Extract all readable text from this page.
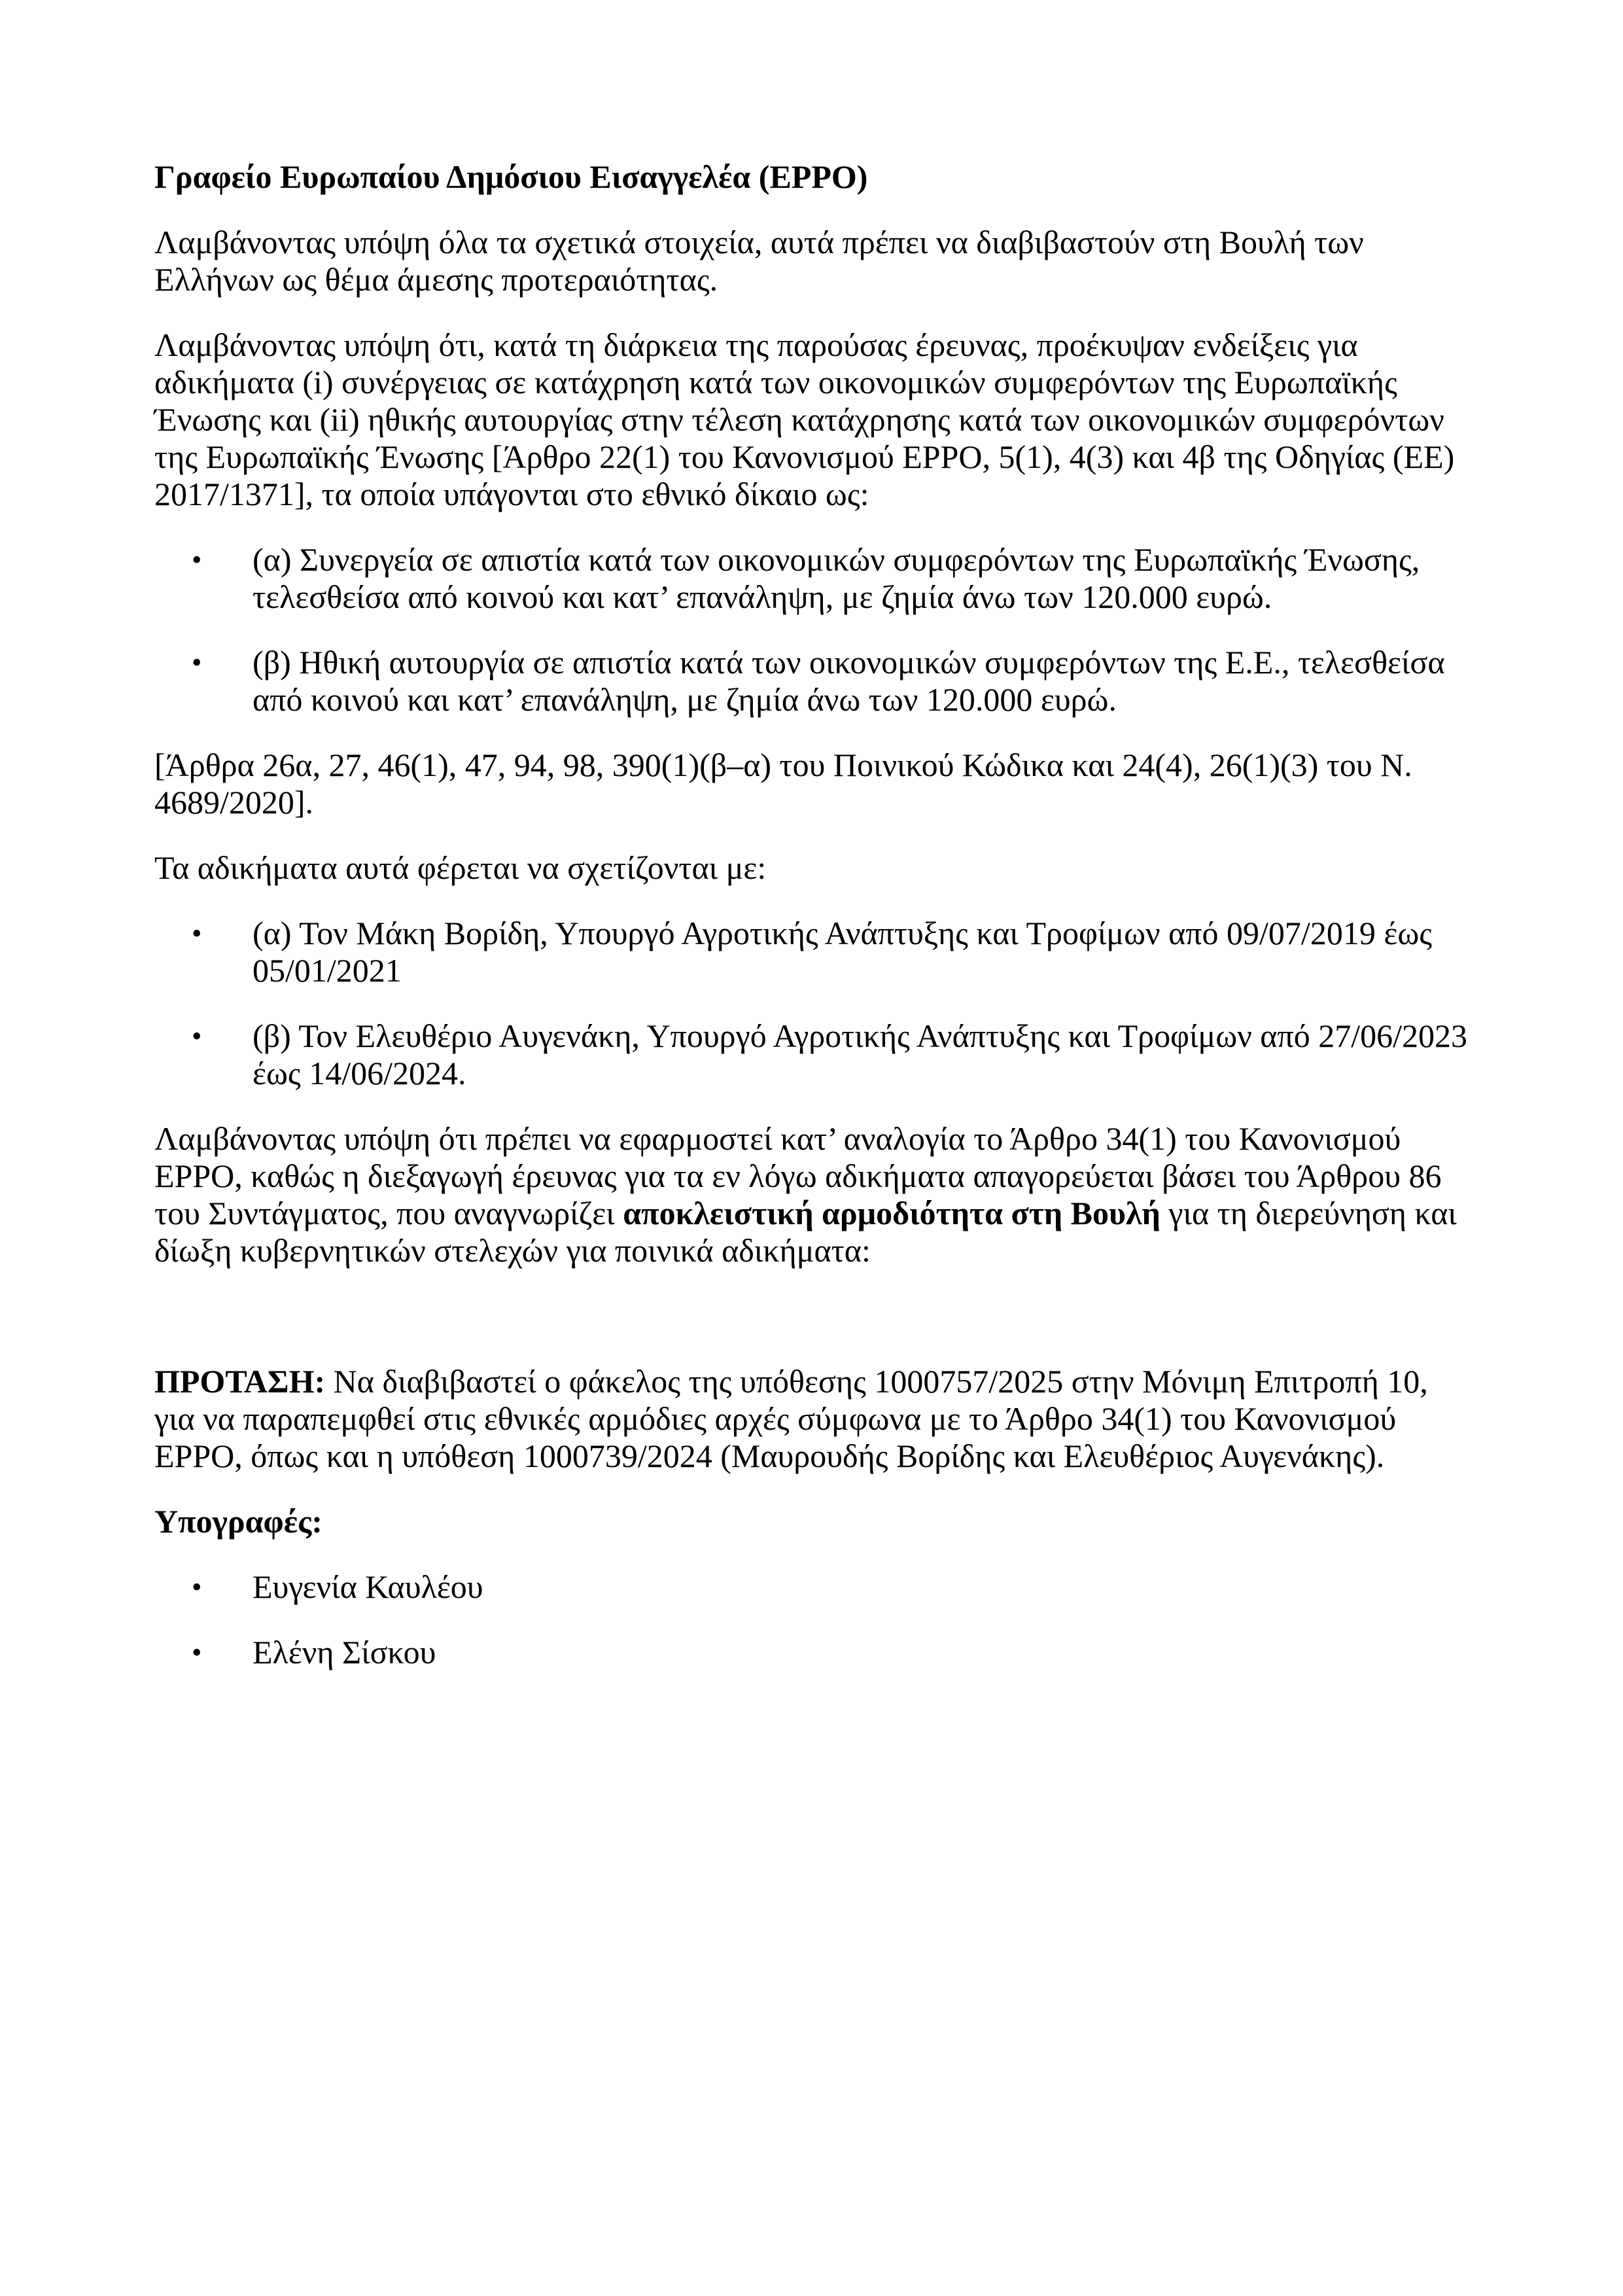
Γραφείο Ευρωπαίου Δημόσιου Εισαγγελέα (EPPO)

Λαμβάνοντας υπόψη όλα τα σχετικά στοιχεία, αυτά πρέπει να διαβιβαστούν στη Βουλή των Ελλήνων ως θέμα άμεσης προτεραιότητας.

Λαμβάνοντας υπόψη ότι, κατά τη διάρκεια της παρούσας έρευνας, προέκυψαν ενδείξεις για αδικήματα (i) συνέργειας σε κατάχρηση κατά των οικονομικών συμφερόντων της Ευρωπαϊκής Ένωσης και (ii) ηθικής αυτουργίας στην τέλεση κατάχρησης κατά των οικονομικών συμφερόντων της Ευρωπαϊκής Ένωσης [Άρθρο 22(1) του Κανονισμού EPPO, 5(1), 4(3) και 4β της Οδηγίας (ΕΕ) 2017/1371], τα οποία υπάγονται στο εθνικό δίκαιο ως:

• (α) Συνεργεία σε απιστία κατά των οικονομικών συμφερόντων της Ευρωπαϊκής Ένωσης, τελεσθείσα από κοινού και κατ’ επανάληψη, με ζημία άνω των 120.000 ευρώ.
• (β) Ηθική αυτουργία σε απιστία κατά των οικονομικών συμφερόντων της Ε.Ε., τελεσθείσα από κοινού και κατ’ επανάληψη, με ζημία άνω των 120.000 ευρώ.

[Άρθρα 26α, 27, 46(1), 47, 94, 98, 390(1)(β–α) του Ποινικού Κώδικα και 24(4), 26(1)(3) του Ν. 4689/2020].

Τα αδικήματα αυτά φέρεται να σχετίζονται με:

• (α) Τον Μάκη Βορίδη, Υπουργό Αγροτικής Ανάπτυξης και Τροφίμων από 09/07/2019 έως 05/01/2021
• (β) Τον Ελευθέριο Αυγενάκη, Υπουργό Αγροτικής Ανάπτυξης και Τροφίμων από 27/06/2023 έως 14/06/2024.

Λαμβάνοντας υπόψη ότι πρέπει να εφαρμοστεί κατ’ αναλογία το Άρθρο 34(1) του Κανονισμού EPPO, καθώς η διεξαγωγή έρευνας για τα εν λόγω αδικήματα απαγορεύεται βάσει του Άρθρου 86 του Συντάγματος, που αναγνωρίζει αποκλειστική αρμοδιότητα στη Βουλή για τη διερεύνηση και δίωξη κυβερνητικών στελεχών για ποινικά αδικήματα:

ΠΡΟΤΑΣΗ: Να διαβιβαστεί ο φάκελος της υπόθεσης 1000757/2025 στην Μόνιμη Επιτροπή 10, για να παραπεμφθεί στις εθνικές αρμόδιες αρχές σύμφωνα με το Άρθρο 34(1) του Κανονισμού EPPO, όπως και η υπόθεση 1000739/2024 (Μαυρουδής Βορίδης και Ελευθέριος Αυγενάκης).

Υπογραφές:

• Ευγενία Καυλέου
• Ελένη Σίσκου
